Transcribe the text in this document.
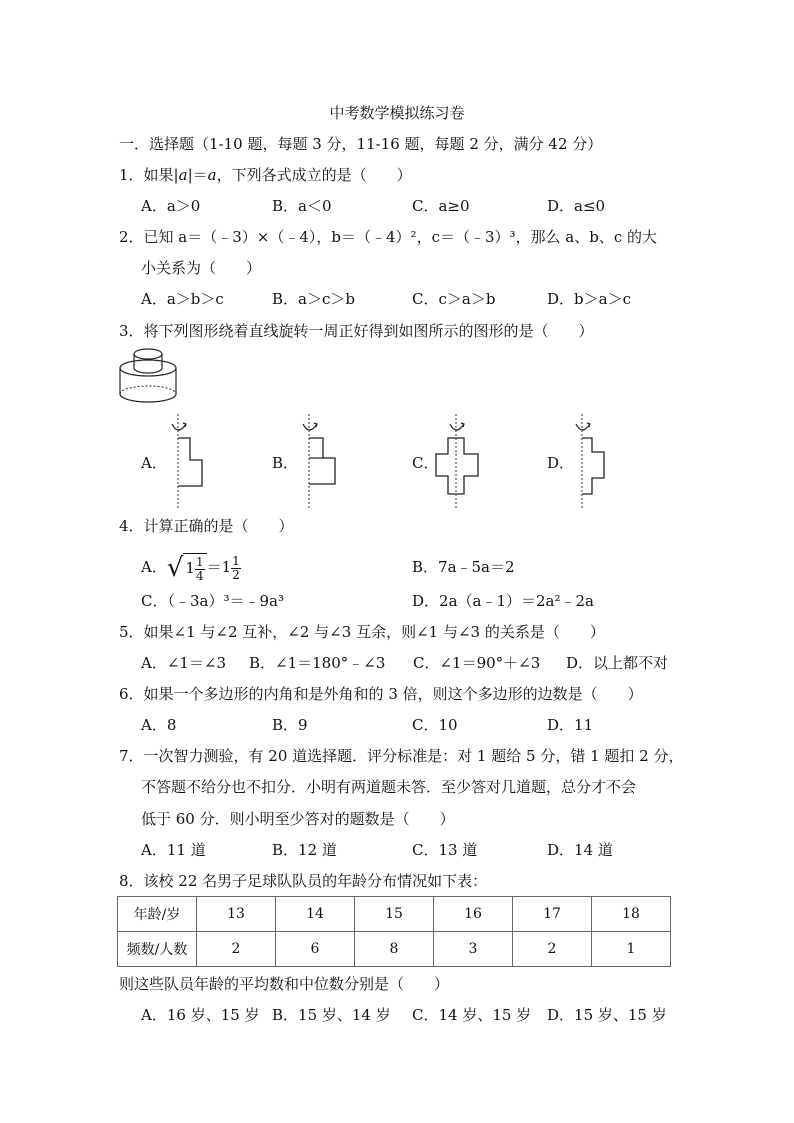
中考数学模拟练习卷
一．选择题（1-10 题，每题 3 分，11-16 题，每题 2 分，满分 42 分）
1．如果|a|＝a，下列各式成立的是（　　）
A．a＞0	B．a＜0	C．a≥0	D．a≤0
2．已知 a＝（﹣3）×（﹣4），b＝（﹣4）²，c＝（﹣3）³，那么 a、b、c 的大
小关系为（　　）
A．a＞b＞c	B．a＞c＞b	C．c＞a＞b	D．b＞a＞c
3．将下列图形绕着直线旋转一周正好得到如图所示的图形的是（　　）
A．	B．	C．	D．
4．计算正确的是（　　）
A．√ $1 \frac{1}{4} =1 \frac{1}{2}$	B．7a﹣5a＝2
C．（﹣3a）³＝﹣9a³	D．2a（a﹣1）＝2a²﹣2a
5．如果∠1 与∠2 互补，∠2 与∠3 互余，则∠1 与∠3 的关系是（　　）
A．∠1＝∠3 B．∠1＝180°﹣∠3 C．∠1＝90°＋∠3 D．以上都不对
6．如果一个多边形的内角和是外角和的 3 倍，则这个多边形的边数是（　　）
A．8	B．9	C．10	D．11
7．一次智力测验，有 20 道选择题．评分标准是：对 1 题给 5 分，错 1 题扣 2 分，
不答题不给分也不扣分．小明有两道题未答．至少答对几道题，总分才不会
低于 60 分．则小明至少答对的题数是（　　）
A．11 道	B．12 道	C．13 道	D．14 道
8．该校 22 名男子足球队队员的年龄分布情况如下表：
年龄/岁	13	14	15	16	17	18
频数/人数	2	6	8	3	2	1
则这些队员年龄的平均数和中位数分别是（　　）
A．16 岁、15 岁 B．15 岁、14 岁 C．14 岁、15 岁 D．15 岁、15 岁
